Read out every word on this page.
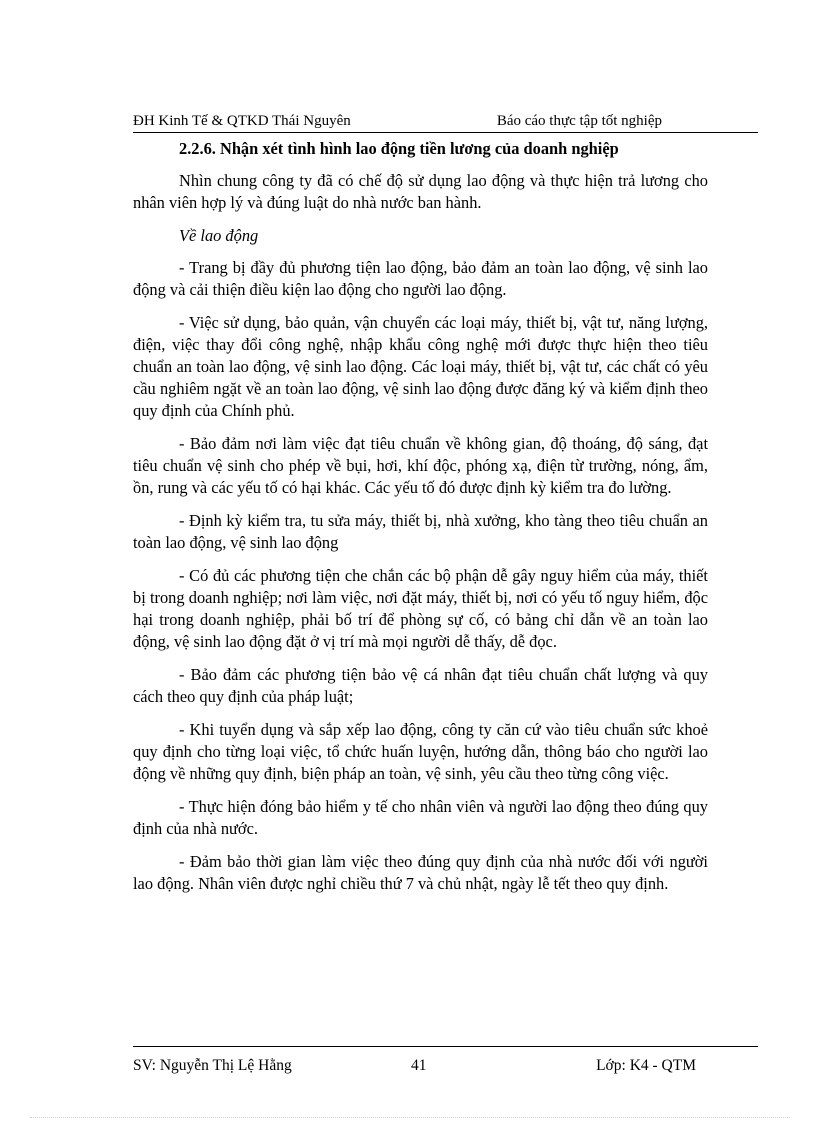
ĐH Kinh Tế & QTKD Thái Nguyên	Báo cáo thực tập tốt nghiệp

2.2.6. Nhận xét tình hình lao động tiền lương của doanh nghiệp

Nhìn chung công ty đã có chế độ sử dụng lao động và thực hiện trả lương cho nhân viên hợp lý và đúng luật do nhà nước ban hành.

Về lao động

- Trang bị đầy đủ phương tiện lao động, bảo đảm an toàn lao động, vệ sinh lao động và cải thiện điều kiện lao động cho người lao động.

- Việc sử dụng, bảo quản, vận chuyển các loại máy, thiết bị, vật tư, năng lượng, điện, việc thay đổi công nghệ, nhập khẩu công nghệ mới được thực hiện theo tiêu chuẩn an toàn lao động, vệ sinh lao động. Các loại máy, thiết bị, vật tư, các chất có yêu cầu nghiêm ngặt về an toàn lao động, vệ sinh lao động được đăng ký và kiểm định theo quy định của Chính phủ.

- Bảo đảm nơi làm việc đạt tiêu chuẩn về không gian, độ thoáng, độ sáng, đạt tiêu chuẩn vệ sinh cho phép về bụi, hơi, khí độc, phóng xạ, điện từ trường, nóng, ẩm, ồn, rung và các yếu tố có hại khác. Các yếu tố đó được định kỳ kiểm tra đo lường.

- Định kỳ kiểm tra, tu sửa máy, thiết bị, nhà xưởng, kho tàng theo tiêu chuẩn an toàn lao động, vệ sinh lao động

- Có đủ các phương tiện che chắn các bộ phận dễ gây nguy hiểm của máy, thiết bị trong doanh nghiệp; nơi làm việc, nơi đặt máy, thiết bị, nơi có yếu tố nguy hiểm, độc hại trong doanh nghiệp, phải bố trí để phòng sự cố, có bảng chỉ dẫn về an toàn lao động, vệ sinh lao động đặt ở vị trí mà mọi người dễ thấy, dễ đọc.

- Bảo đảm các phương tiện bảo vệ cá nhân đạt tiêu chuẩn chất lượng và quy cách theo quy định của pháp luật;

- Khi tuyển dụng và sắp xếp lao động, công ty căn cứ vào tiêu chuẩn sức khoẻ quy định cho từng loại việc, tổ chức huấn luyện, hướng dẫn, thông báo cho người lao động về những quy định, biện pháp an toàn, vệ sinh, yêu cầu theo từng công việc.

- Thực hiện đóng bảo hiểm y tế cho nhân viên và người lao động theo đúng quy định của nhà nước.

- Đảm bảo thời gian làm việc theo đúng quy định của nhà nước đối với người lao động. Nhân viên được nghỉ chiều thứ 7 và chủ nhật, ngày lễ tết theo quy định.

SV: Nguyễn Thị Lệ Hằng	41	Lớp: K4 - QTM
